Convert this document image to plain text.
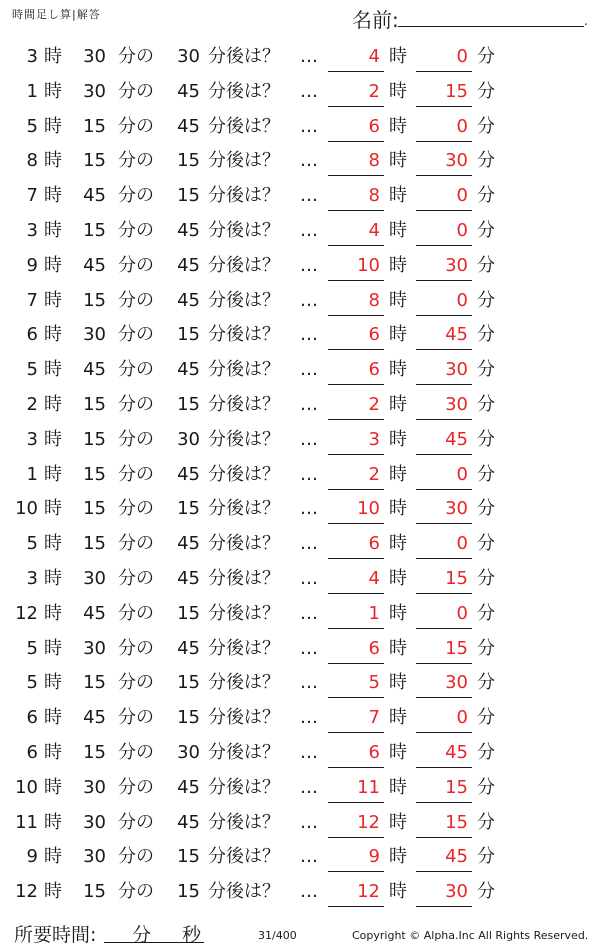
時間足し算|解答	名前:	.
3 時	30 分の	30 分後は？ …	4 時	0 分
1 時	30 分の	45 分後は？ …	2 時	15 分
5 時	15 分の	45 分後は？ …	6 時	0 分
8 時	15 分の	15 分後は？ …	8 時	30 分
7 時	45 分の	15 分後は？ …	8 時	0 分
3 時	15 分の	45 分後は？ …	4 時	0 分
9 時	45 分の	45 分後は？ …	10 時	30 分
7 時	15 分の	45 分後は？ …	8 時	0 分
6 時	30 分の	15 分後は？ …	6 時	45 分
5 時	45 分の	45 分後は？ …	6 時	30 分
2 時	15 分の	15 分後は？ …	2 時	30 分
3 時	15 分の	30 分後は？ …	3 時	45 分
1 時	15 分の	45 分後は？ …	2 時	0 分
10 時	15 分の	15 分後は？ …	10 時	30 分
5 時	15 分の	45 分後は？ …	6 時	0 分
3 時	30 分の	45 分後は？ …	4 時	15 分
12 時	45 分の	15 分後は？ …	1 時	0 分
5 時	30 分の	45 分後は？ …	6 時	15 分
5 時	15 分の	15 分後は？ …	5 時	30 分
6 時	45 分の	15 分後は？ …	7 時	0 分
6 時	15 分の	30 分後は？ …	6 時	45 分
10 時	30 分の	45 分後は？ …	11 時	15 分
11 時	30 分の	45 分後は？ …	12 時	15 分
9 時	30 分の	15 分後は？ …	9 時	45 分
12 時	15 分の	15 分後は？ …	12 時	30 分
所要時間: 分 秒	31/400	Copyright © Alpha.Inc All Rights Reserved.
